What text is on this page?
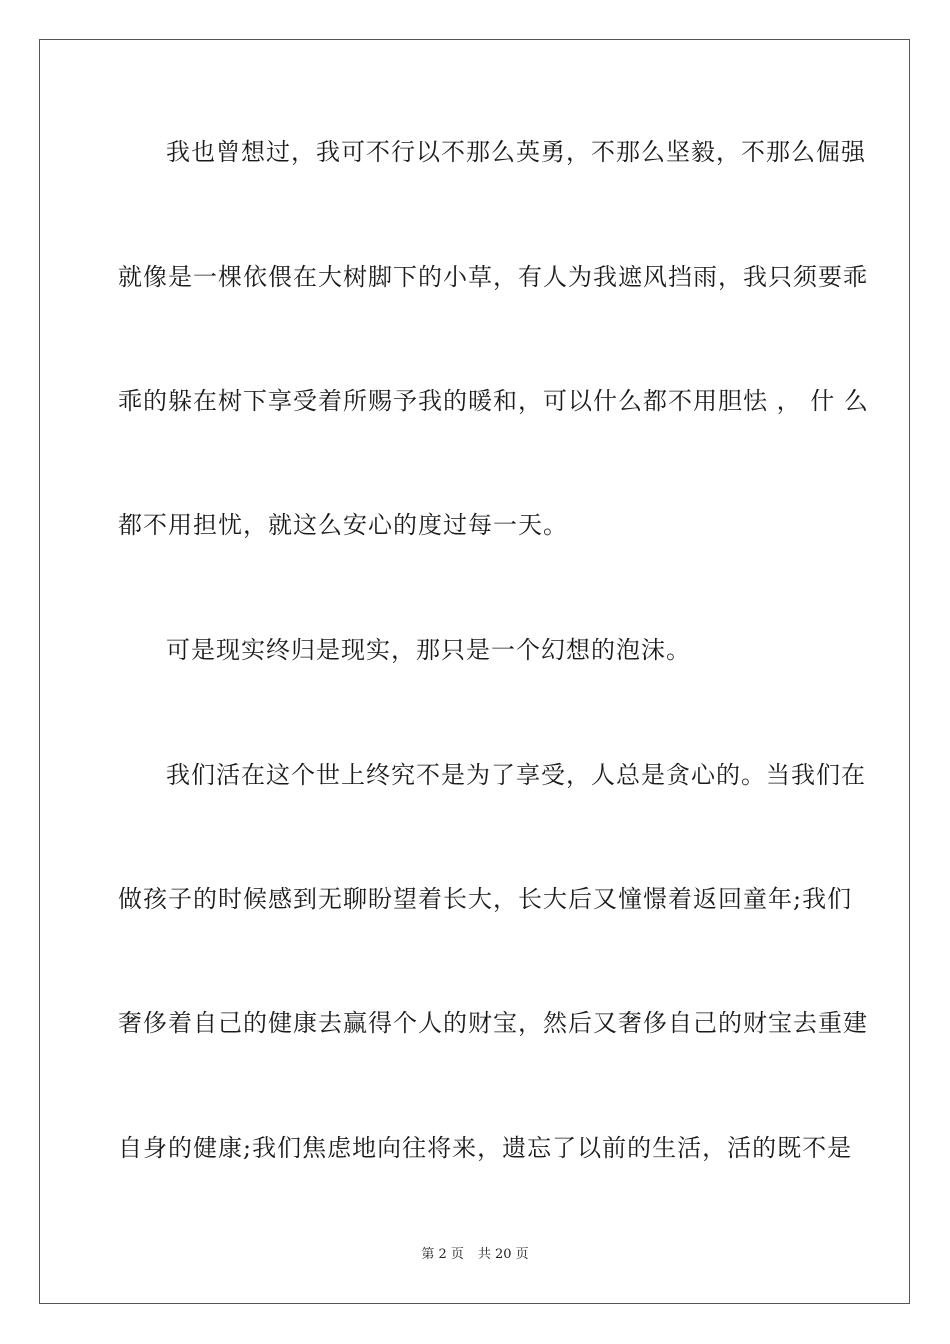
我也曾想过，我可不行以不那么英勇，不那么坚毅，不那么倔强
就像是一棵依偎在大树脚下的小草，有人为我遮风挡雨，我只须要乖
乖的躲在树下享受着所赐予我的暖和，可以什么都不用胆怯 ， 什 么
都不用担忧，就这么安心的度过每一天。
可是现实终归是现实，那只是一个幻想的泡沫。
我们活在这个世上终究不是为了享受，人总是贪心的。当我们在
做孩子的时候感到无聊盼望着长大，长大后又憧憬着返回童年;我们
奢侈着自己的健康去赢得个人的财宝，然后又奢侈自己的财宝去重建
自身的健康;我们焦虑地向往将来，遗忘了以前的生活，活的既不是
第 2 页 共 20 页
